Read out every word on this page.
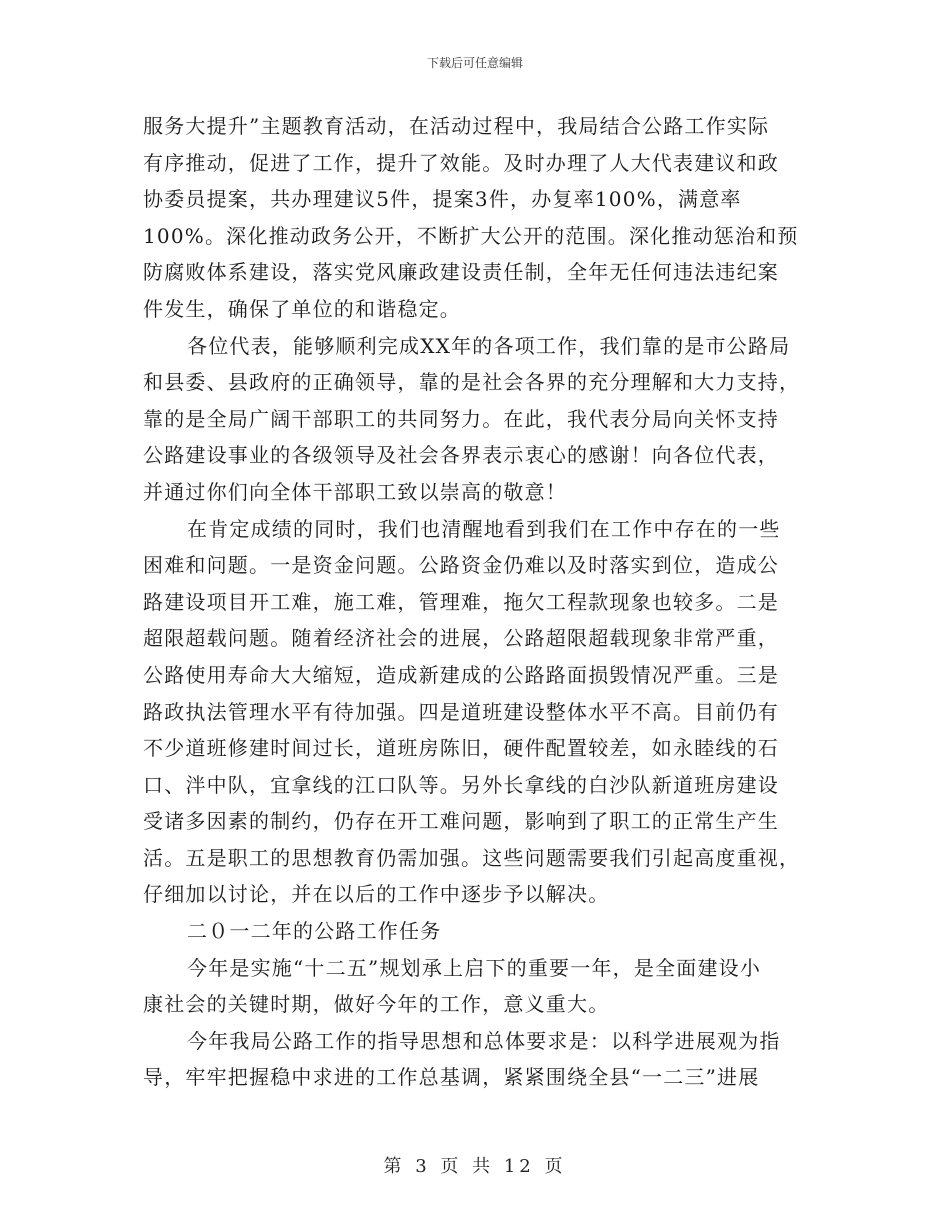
下载后可任意编辑
服务大提升”主题教育活动，在活动过程中，我局结合公路工作实际
有序推动，促进了工作，提升了效能。及时办理了人大代表建议和政
协委员提案，共办理建议5件，提案3件，办复率100%，满意率
100%。深化推动政务公开，不断扩大公开的范围。深化推动惩治和预
防腐败体系建设，落实党风廉政建设责任制，全年无任何违法违纪案
件发生，确保了单位的和谐稳定。
各位代表，能够顺利完成XX年的各项工作，我们靠的是市公路局
和县委、县政府的正确领导，靠的是社会各界的充分理解和大力支持，
靠的是全局广阔干部职工的共同努力。在此，我代表分局向关怀支持
公路建设事业的各级领导及社会各界表示衷心的感谢！向各位代表，
并通过你们向全体干部职工致以崇高的敬意！
在肯定成绩的同时，我们也清醒地看到我们在工作中存在的一些
困难和问题。一是资金问题。公路资金仍难以及时落实到位，造成公
路建设项目开工难，施工难，管理难，拖欠工程款现象也较多。二是
超限超载问题。随着经济社会的进展，公路超限超载现象非常严重，
公路使用寿命大大缩短，造成新建成的公路路面损毁情况严重。三是
路政执法管理水平有待加强。四是道班建设整体水平不高。目前仍有
不少道班修建时间过长，道班房陈旧，硬件配置较差，如永睦线的石
口、泮中队，宜拿线的江口队等。另外长拿线的白沙队新道班房建设
受诸多因素的制约，仍存在开工难问题，影响到了职工的正常生产生
活。五是职工的思想教育仍需加强。这些问题需要我们引起高度重视，
仔细加以讨论，并在以后的工作中逐步予以解决。
二０一二年的公路工作任务
今年是实施“十二五”规划承上启下的重要一年，是全面建设小
康社会的关键时期，做好今年的工作，意义重大。
今年我局公路工作的指导思想和总体要求是：以科学进展观为指
导，牢牢把握稳中求进的工作总基调，紧紧围绕全县“一二三”进展
第 3 页 共 12 页
